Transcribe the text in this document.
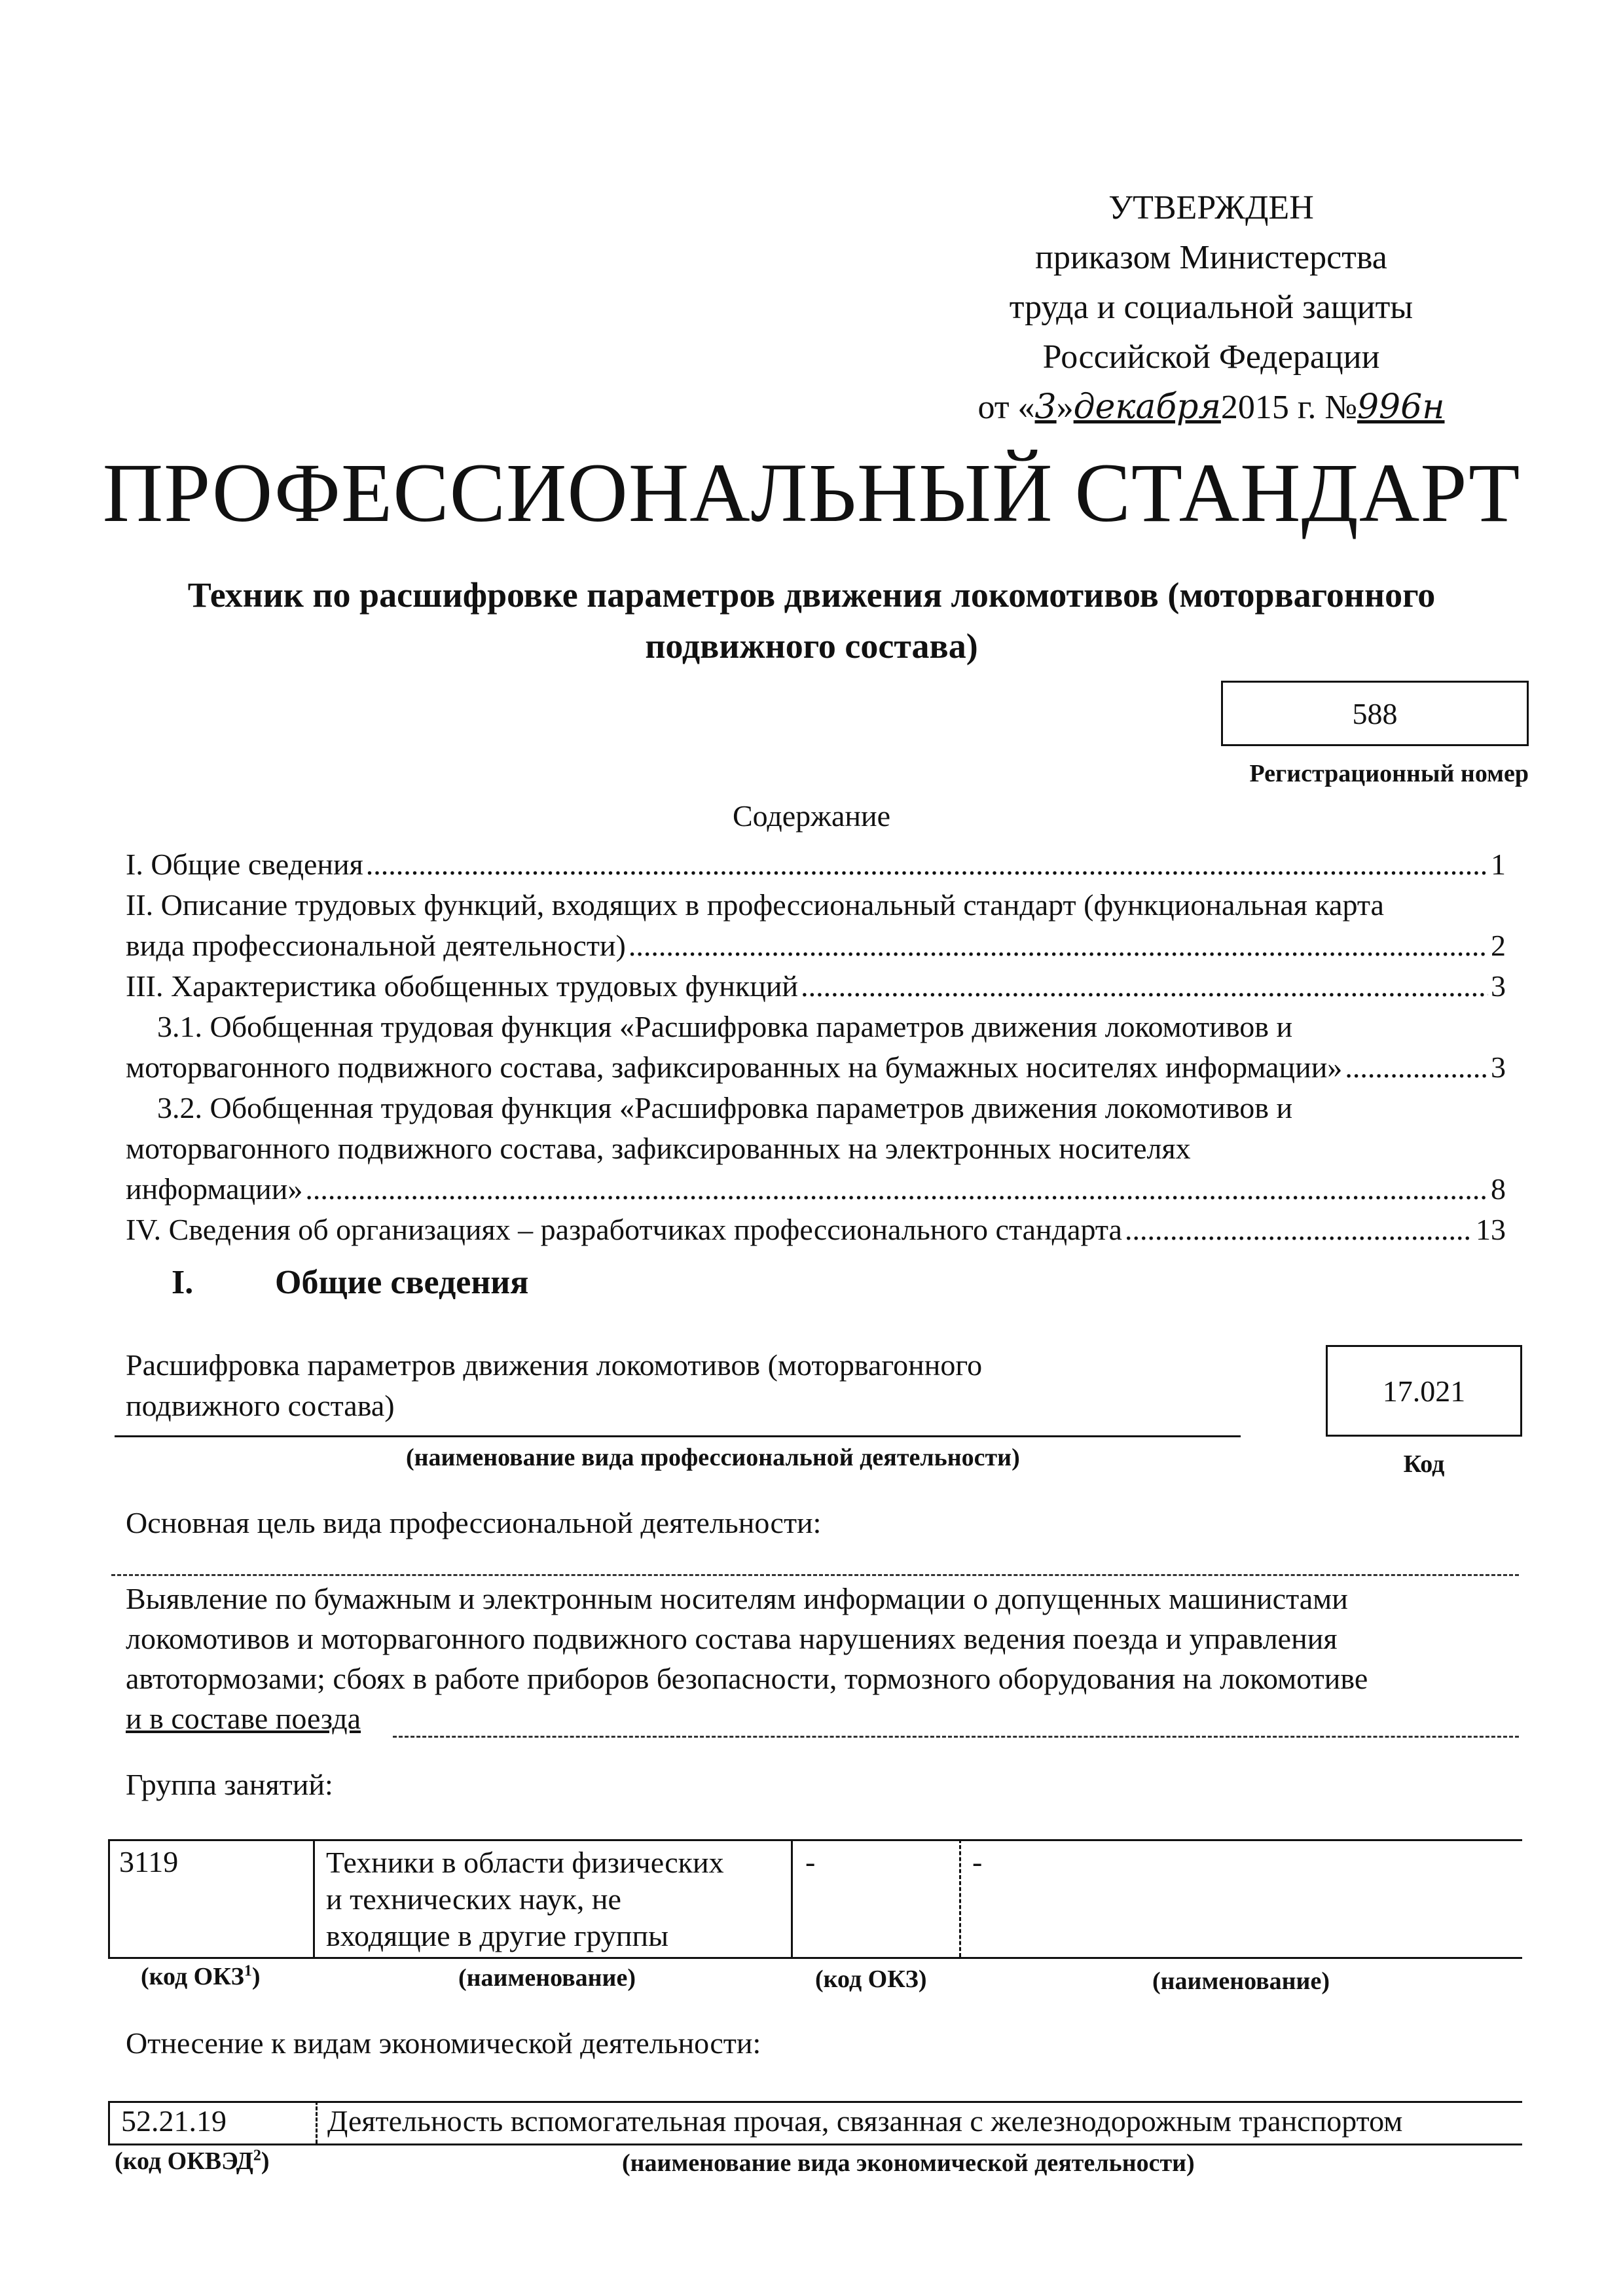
УТВЕРЖДЕН
приказом Министерства
труда и социальной защиты
Российской Федерации
от «3»декабря2015 г. №996н
ПРОФЕССИОНАЛЬНЫЙ СТАНДАРТ
Техник по расшифровке параметров движения локомотивов (моторвагонного подвижного состава)
588
Регистрационный номер
Содержание
I. Общие сведения .....	1
II. Описание трудовых функций, входящих в профессиональный стандарт (функциональная карта
вида профессиональной деятельности) .....	2
III. Характеристика обобщенных трудовых функций .....	3
3.1. Обобщенная трудовая функция «Расшифровка параметров движения локомотивов и
моторвагонного подвижного состава, зафиксированных на бумажных носителях информации» .....	3
3.2. Обобщенная трудовая функция «Расшифровка параметров движения локомотивов и
моторвагонного подвижного состава, зафиксированных на электронных носителях
информации» .....	8
IV. Сведения об организациях – разработчиках профессионального стандарта .....	13
I. Общие сведения
Расшифровка параметров движения локомотивов (моторвагонного
подвижного состава)
(наименование вида профессиональной деятельности)
17.021
Код
Основная цель вида профессиональной деятельности:
Выявление по бумажным и электронным носителям информации о допущенных машинистами
локомотивов и моторвагонного подвижного состава нарушениях ведения поезда и управления
автотормозами; сбоях в работе приборов безопасности, тормозного оборудования на локомотиве
и в составе поезда
Группа занятий:
3119	Техники в области физических
и технических наук, не
входящие в другие группы
-	-
(код ОКЗ$^1$)	(наименование)	(код ОКЗ)	(наименование)
Отнесение к видам экономической деятельности:
52.21.19	Деятельность вспомогательная прочая, связанная с железнодорожным транспортом
(код ОКВЭД$^2$)	(наименование вида экономической деятельности)
